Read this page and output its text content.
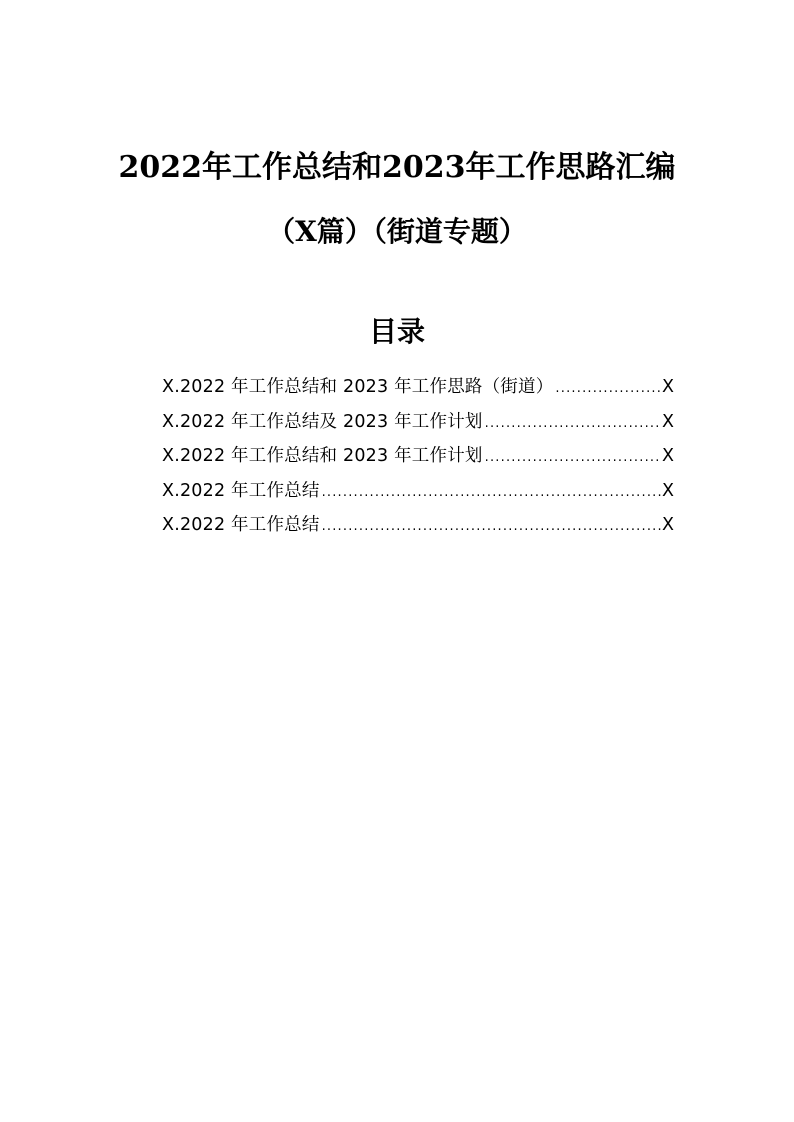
2022年工作总结和2023年工作思路汇编
（X篇）（街道专题）
目录
X.2022 年工作总结和 2023 年工作思路（街道） .....	X
X.2022 年工作总结及 2023 年工作计划 .....	X
X.2022 年工作总结和 2023 年工作计划 .....	X
X.2022 年工作总结 .....	X
X.2022 年工作总结 .....	X
